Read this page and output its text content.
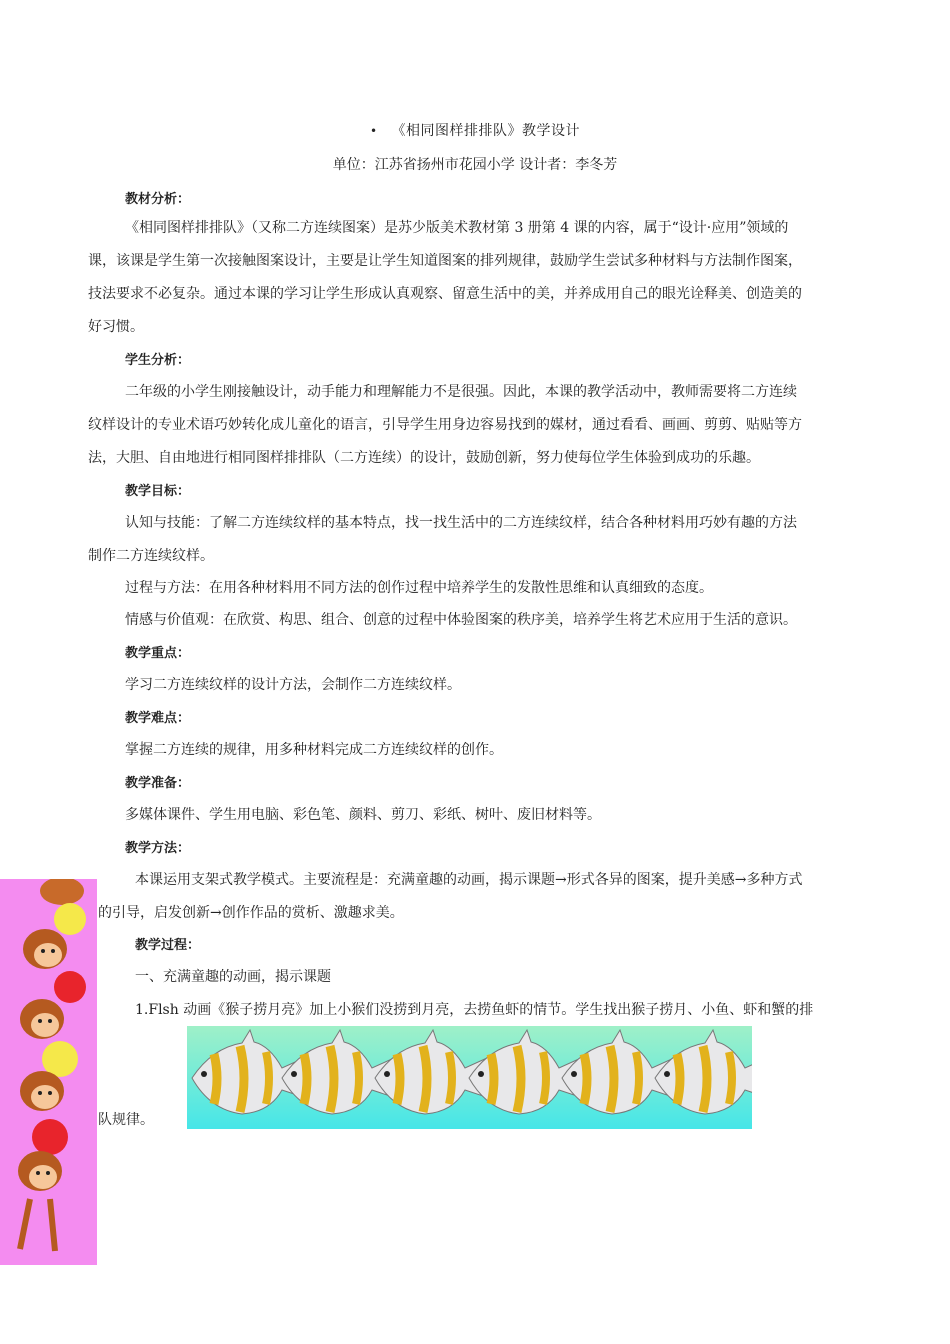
• 《相同图样排排队》教学设计
单位：江苏省扬州市花园小学 设计者：李冬芳
教材分析：
《相同图样排排队》（又称二方连续图案）是苏少版美术教材第 3 册第 4 课的内容，属于“设计·应用”领域的
课，该课是学生第一次接触图案设计，主要是让学生知道图案的排列规律，鼓励学生尝试多种材料与方法制作图案，
技法要求不必复杂。通过本课的学习让学生形成认真观察、留意生活中的美，并养成用自己的眼光诠释美、创造美的
好习惯。
学生分析：
二年级的小学生刚接触设计，动手能力和理解能力不是很强。因此，本课的教学活动中，教师需要将二方连续
纹样设计的专业术语巧妙转化成儿童化的语言，引导学生用身边容易找到的媒材，通过看看、画画、剪剪、贴贴等方
法，大胆、自由地进行相同图样排排队（二方连续）的设计，鼓励创新，努力使每位学生体验到成功的乐趣。
教学目标：
认知与技能：了解二方连续纹样的基本特点，找一找生活中的二方连续纹样，结合各种材料用巧妙有趣的方法
制作二方连续纹样。
过程与方法：在用各种材料用不同方法的创作过程中培养学生的发散性思维和认真细致的态度。
情感与价值观：在欣赏、构思、组合、创意的过程中体验图案的秩序美，培养学生将艺术应用于生活的意识。
教学重点：
学习二方连续纹样的设计方法，会制作二方连续纹样。
教学难点：
掌握二方连续的规律，用多种材料完成二方连续纹样的创作。
教学准备：
多媒体课件、学生用电脑、彩色笔、颜料、剪刀、彩纸、树叶、废旧材料等。
教学方法：
本课运用支架式教学模式。主要流程是：充满童趣的动画，揭示课题→形式各异的图案，提升美感→多种方式
的引导，启发创新→创作作品的赏析、激趣求美。
教学过程：
一、充满童趣的动画，揭示课题
1.Flsh 动画《猴子捞月亮》加上小猴们没捞到月亮，去捞鱼虾的情节。学生找出猴子捞月、小鱼、虾和蟹的排
队规律。
